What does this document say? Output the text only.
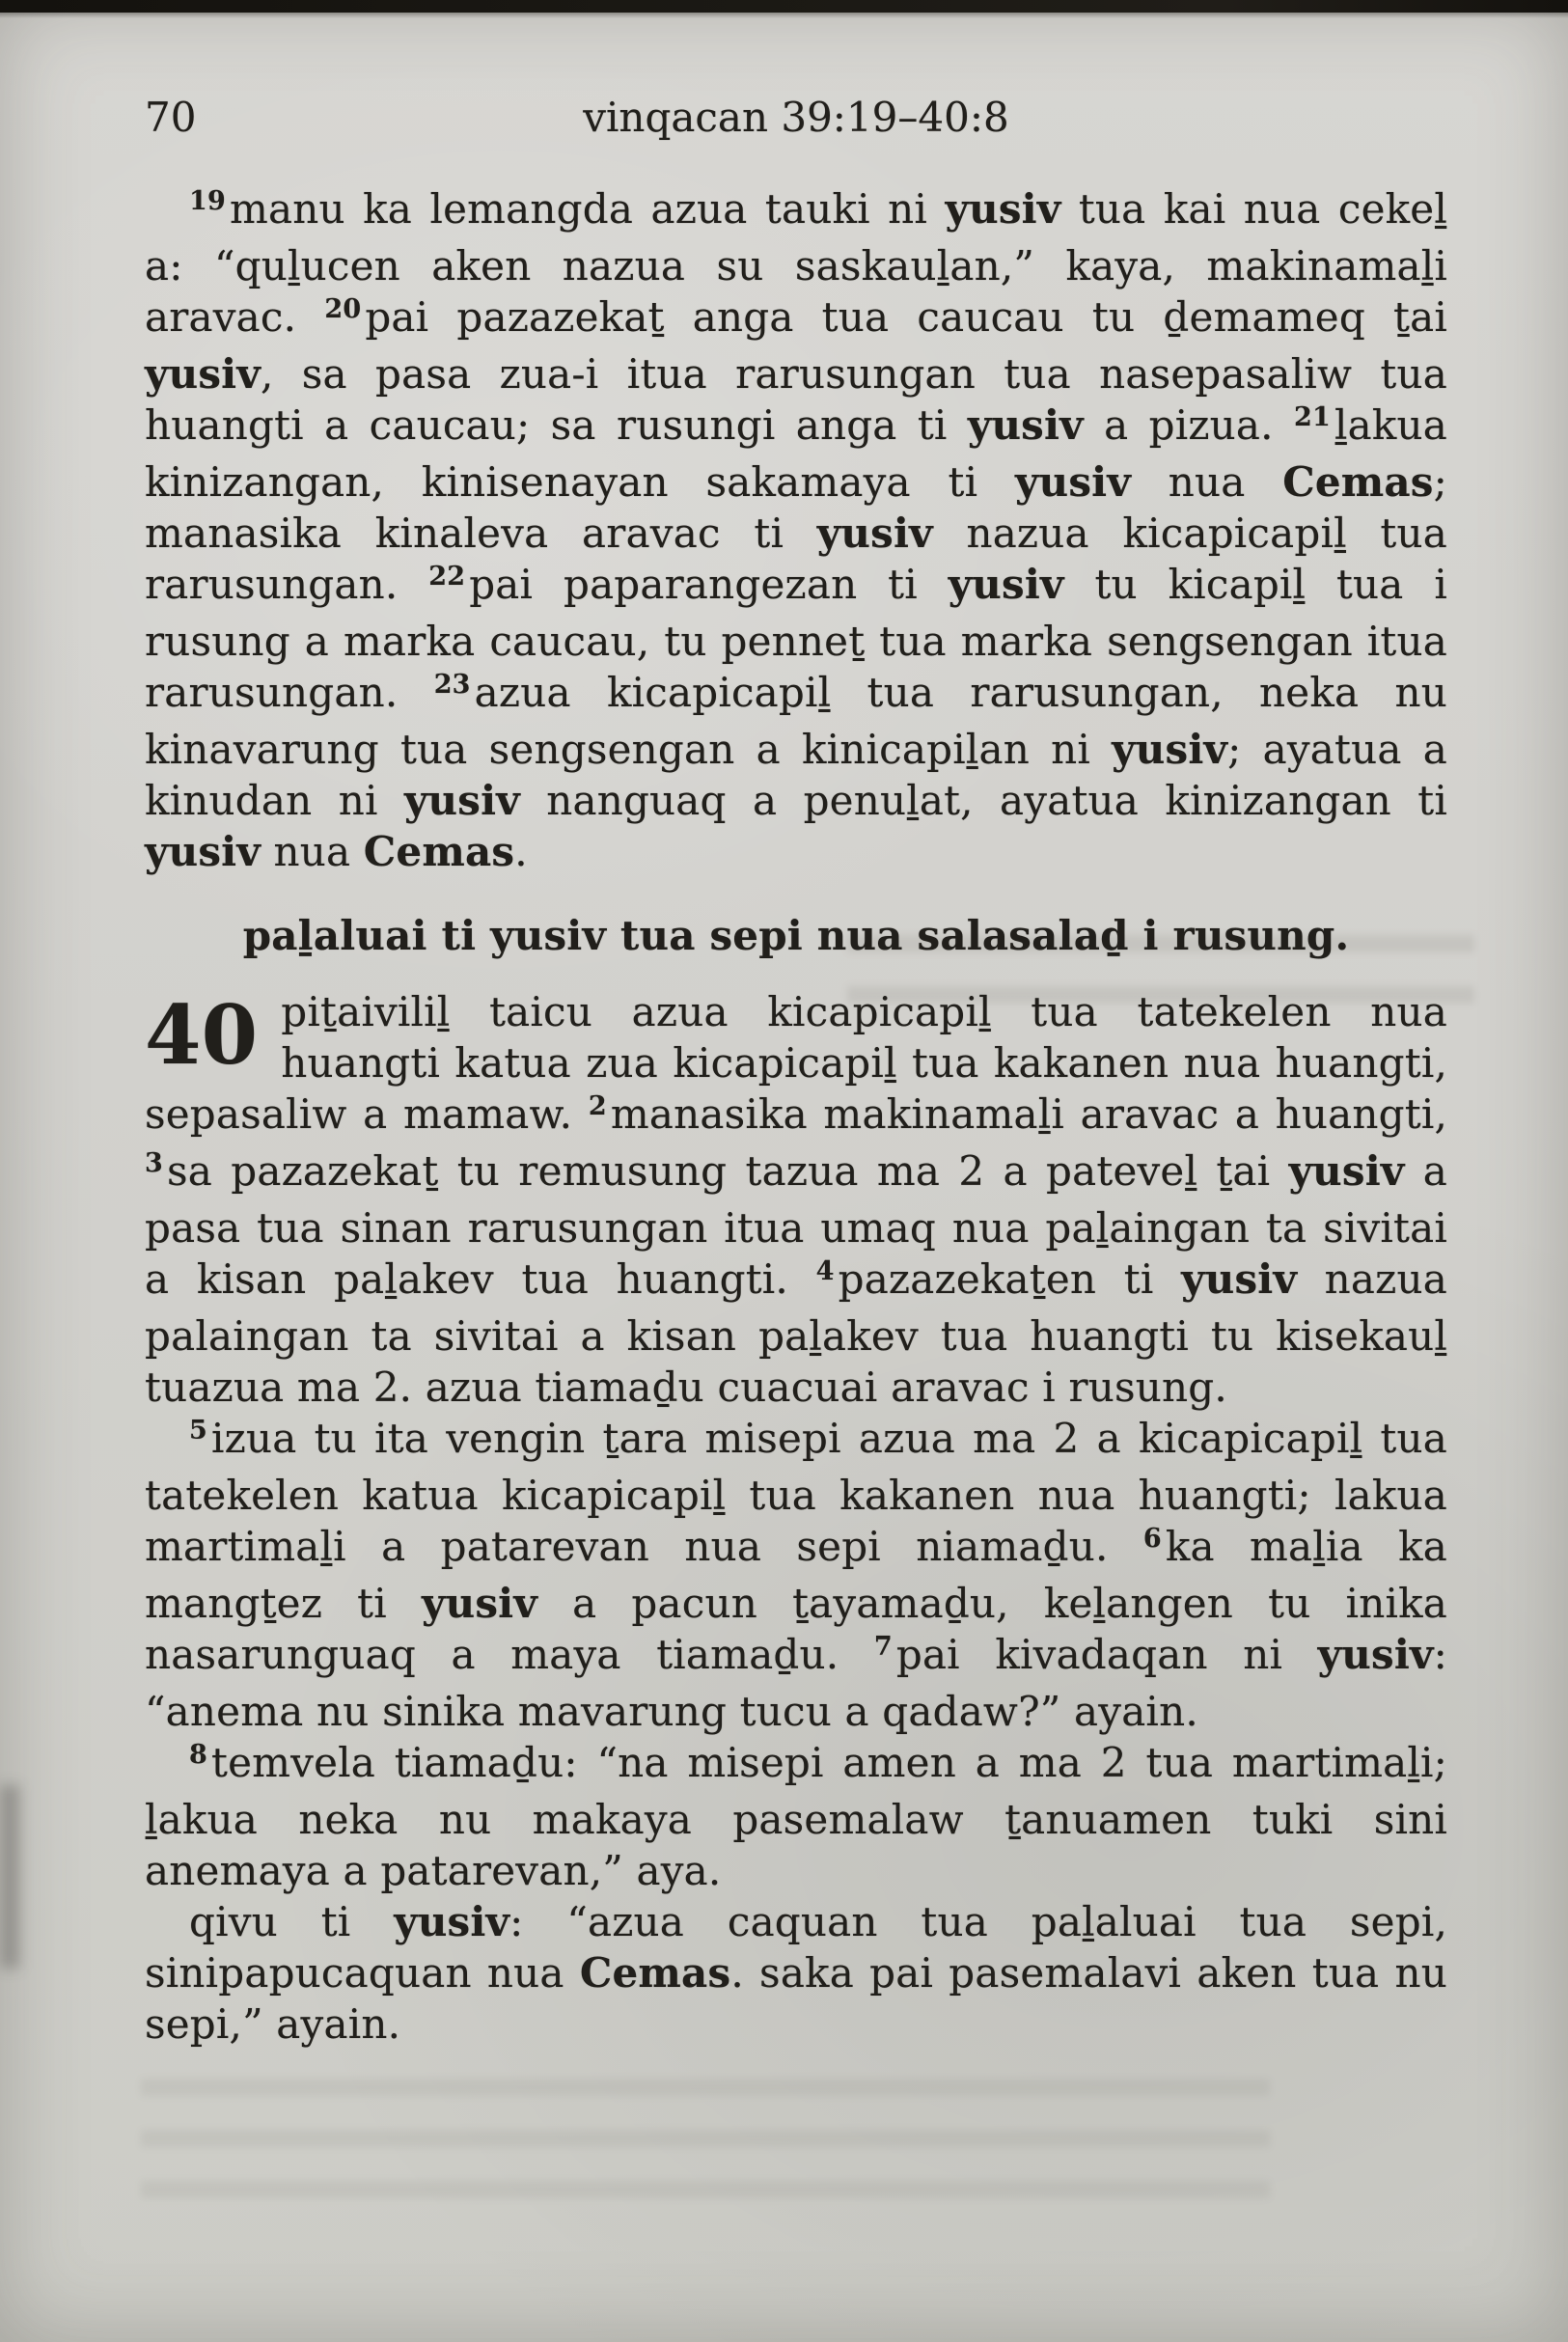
70	vinqacan 39:19–40:8

$^{19}$manu ka lemangda azua tauki ni yusiv tua kai nua cekeḻ a: “quḻucen aken nazua su saskauḻan,” kaya, makinamaḻi aravac. $^{20}$pai pazazekaṯ anga tua caucau tu ḏemameq ṯai yusiv, sa pasa zua-i itua rarusungan tua nasepasaliw tua huangti a caucau; sa rusungi anga ti yusiv a pizua. $^{21}$ḻakua kinizangan, kinisenayan sakamaya ti yusiv nua Cemas; manasika kinaleva aravac ti yusiv nazua kicapicapiḻ tua rarusungan. $^{22}$pai paparangezan ti yusiv tu kicapiḻ tua i rusung a marka caucau, tu penneṯ tua marka sengsengan itua rarusungan. $^{23}$azua kicapicapiḻ tua rarusungan, neka nu kinavarung tua sengsengan a kinicapiḻan ni yusiv; ayatua a kinudan ni yusiv nanguaq a penuḻat, ayatua kinizangan ti yusiv nua Cemas.

paḻaluai ti yusiv tua sepi nua salasalaḏ i rusung.

40 piṯaiviliḻ taicu azua kicapicapiḻ tua tatekelen nua huangti katua zua kicapicapiḻ tua kakanen nua huangti, sepasaliw a mamaw. $^2$manasika makinamaḻi aravac a huangti, $^3$sa pazazekaṯ tu remusung tazua ma 2 a pateveḻ ṯai yusiv a pasa tua sinan rarusungan itua umaq nua paḻaingan ta sivitai a kisan paḻakev tua huangti. $^4$pazazekaṯen ti yusiv nazua palaingan ta sivitai a kisan paḻakev tua huangti tu kisekauḻ tuazua ma 2. azua tiamaḏu cuacuai aravac i rusung.

$^5$izua tu ita vengin ṯara misepi azua ma 2 a kicapicapiḻ tua tatekelen katua kicapicapiḻ tua kakanen nua huangti; lakua martimaḻi a patarevan nua sepi niamaḏu. $^6$ka maḻia ka mangṯez ti yusiv a pacun ṯayamaḏu, keḻangen tu inika nasarunguaq a maya tiamaḏu. $^7$pai kivadaqan ni yusiv: “anema nu sinika mavarung tucu a qadaw?” ayain.

$^8$temvela tiamaḏu: “na misepi amen a ma 2 tua martimaḻi; ḻakua neka nu makaya pasemalaw ṯanuamen tuki sini anemaya a patarevan,” aya.

qivu ti yusiv: “azua caquan tua paḻaluai tua sepi, sinipapucaquan nua Cemas. saka pai pasemalavi aken tua nu sepi,” ayain.
